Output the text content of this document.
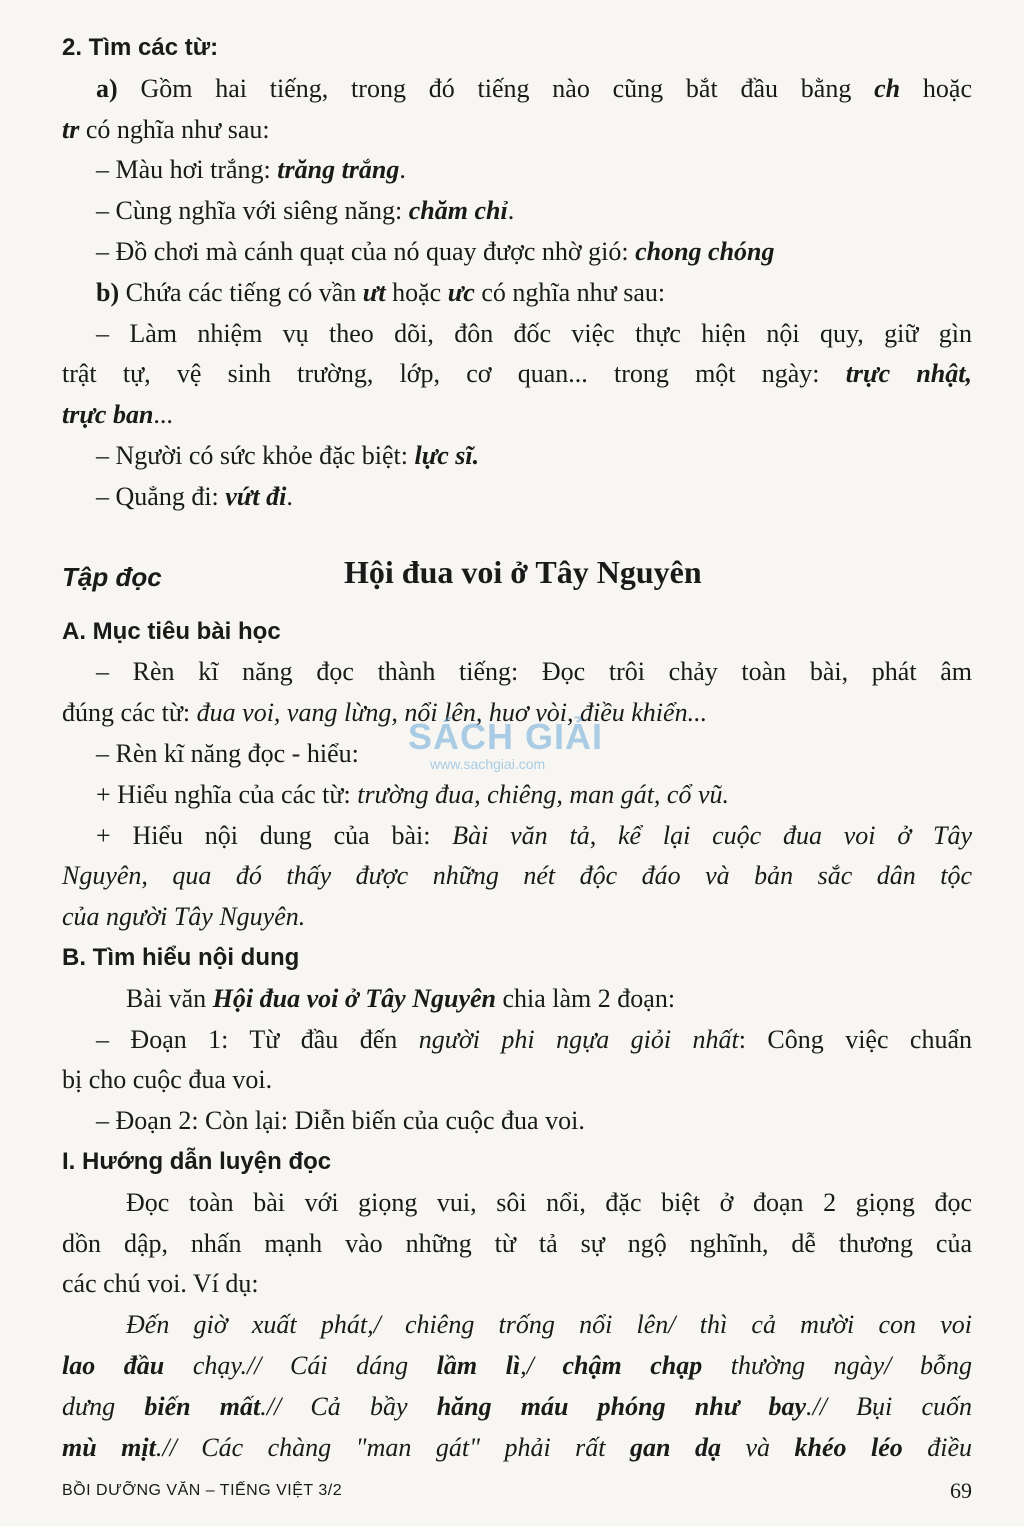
2. Tìm các từ:
a) Gồm hai tiếng, trong đó tiếng nào cũng bắt đầu bằng ch hoặc
tr có nghĩa như sau:
– Màu hơi trắng: trăng trắng.
– Cùng nghĩa với siêng năng: chăm chỉ.
– Đồ chơi mà cánh quạt của nó quay được nhờ gió: chong chóng
b) Chứa các tiếng có vần ưt hoặc ưc có nghĩa như sau:
– Làm nhiệm vụ theo dõi, đôn đốc việc thực hiện nội quy, giữ gìn
trật tự, vệ sinh trường, lớp, cơ quan... trong một ngày: trực nhật,
trực ban...
– Người có sức khỏe đặc biệt: lực sĩ.
– Quẳng đi: vứt đi.
Tập đọc	Hội đua voi ở Tây Nguyên
A. Mục tiêu bài học
– Rèn kĩ năng đọc thành tiếng: Đọc trôi chảy toàn bài, phát âm
đúng các từ: đua voi, vang lừng, nổi lên, huơ vòi, điều khiển...
– Rèn kĩ năng đọc - hiểu:
+ Hiểu nghĩa của các từ: trường đua, chiêng, man gát, cổ vũ.
+ Hiểu nội dung của bài: Bài văn tả, kể lại cuộc đua voi ở Tây
Nguyên, qua đó thấy được những nét độc đáo và bản sắc dân tộc
của người Tây Nguyên.
B. Tìm hiểu nội dung
Bài văn Hội đua voi ở Tây Nguyên chia làm 2 đoạn:
– Đoạn 1: Từ đầu đến người phi ngựa giỏi nhất: Công việc chuẩn
bị cho cuộc đua voi.
– Đoạn 2: Còn lại: Diễn biến của cuộc đua voi.
I. Hướng dẫn luyện đọc
Đọc toàn bài với giọng vui, sôi nổi, đặc biệt ở đoạn 2 giọng đọc
dồn dập, nhấn mạnh vào những từ tả sự ngộ nghĩnh, dễ thương của
các chú voi. Ví dụ:
Đến giờ xuất phát,/ chiêng trống nổi lên/ thì cả mười con voi
lao đầu chạy.// Cái dáng lầm lì,/ chậm chạp thường ngày/ bỗng
dưng biến mất.// Cả bầy hăng máu phóng như bay.// Bụi cuốn
mù mịt.// Các chàng "man gát" phải rất gan dạ và khéo léo điều
SÁCH GIẢI
www.sachgiai.com
BỒI DƯỠNG VĂN – TIẾNG VIỆT 3/2	69
